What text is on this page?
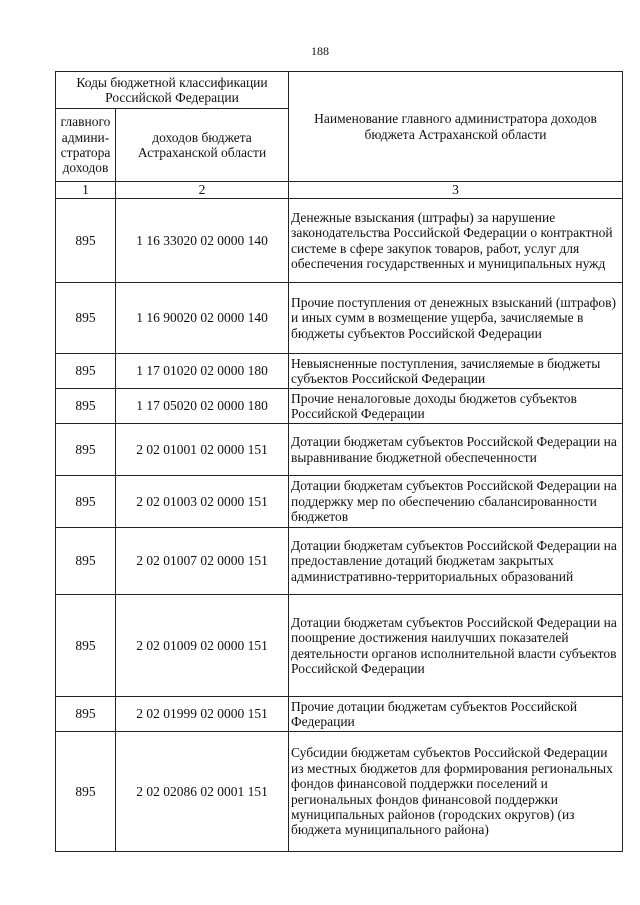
188
Коды бюджетной классификации Российской Федерации		Наименование главного администратора доходов бюджета Астраханской области
главного админи-стратора доходов	доходов бюджета Астраханской области	
1	2	3
895	1 16 33020 02 0000 140	Денежные взыскания (штрафы) за нарушение законодательства Российской Федерации о контрактной системе в сфере закупок товаров, работ, услуг для обеспечения государственных и муниципальных нужд
895	1 16 90020 02 0000 140	Прочие поступления от денежных взысканий (штрафов) и иных сумм в возмещение ущерба, зачисляемые в бюджеты субъектов Российской Федерации
895	1 17 01020 02 0000 180	Невыясненные поступления, зачисляемые в бюджеты субъектов Российской Федерации
895	1 17 05020 02 0000 180	Прочие неналоговые доходы бюджетов субъектов Российской Федерации
895	2 02 01001 02 0000 151	Дотации бюджетам субъектов Российской Федерации на выравнивание бюджетной обеспеченности
895	2 02 01003 02 0000 151	Дотации бюджетам субъектов Российской Федерации на поддержку мер по обеспечению сбалансированности бюджетов
895	2 02 01007 02 0000 151	Дотации бюджетам субъектов Российской Федерации на предоставление дотаций бюджетам закрытых административно-территориальных образований
895	2 02 01009 02 0000 151	Дотации бюджетам субъектов Российской Федерации на поощрение достижения наилучших показателей деятельности органов исполнительной власти субъектов Российской Федерации
895	2 02 01999 02 0000 151	Прочие дотации бюджетам субъектов Российской Федерации
895	2 02 02086 02 0001 151	Субсидии бюджетам субъектов Российской Федерации из местных бюджетов для формирования региональных фондов финансовой поддержки поселений и региональных фондов финансовой поддержки муниципальных районов (городских округов) (из бюджета муниципального района)
